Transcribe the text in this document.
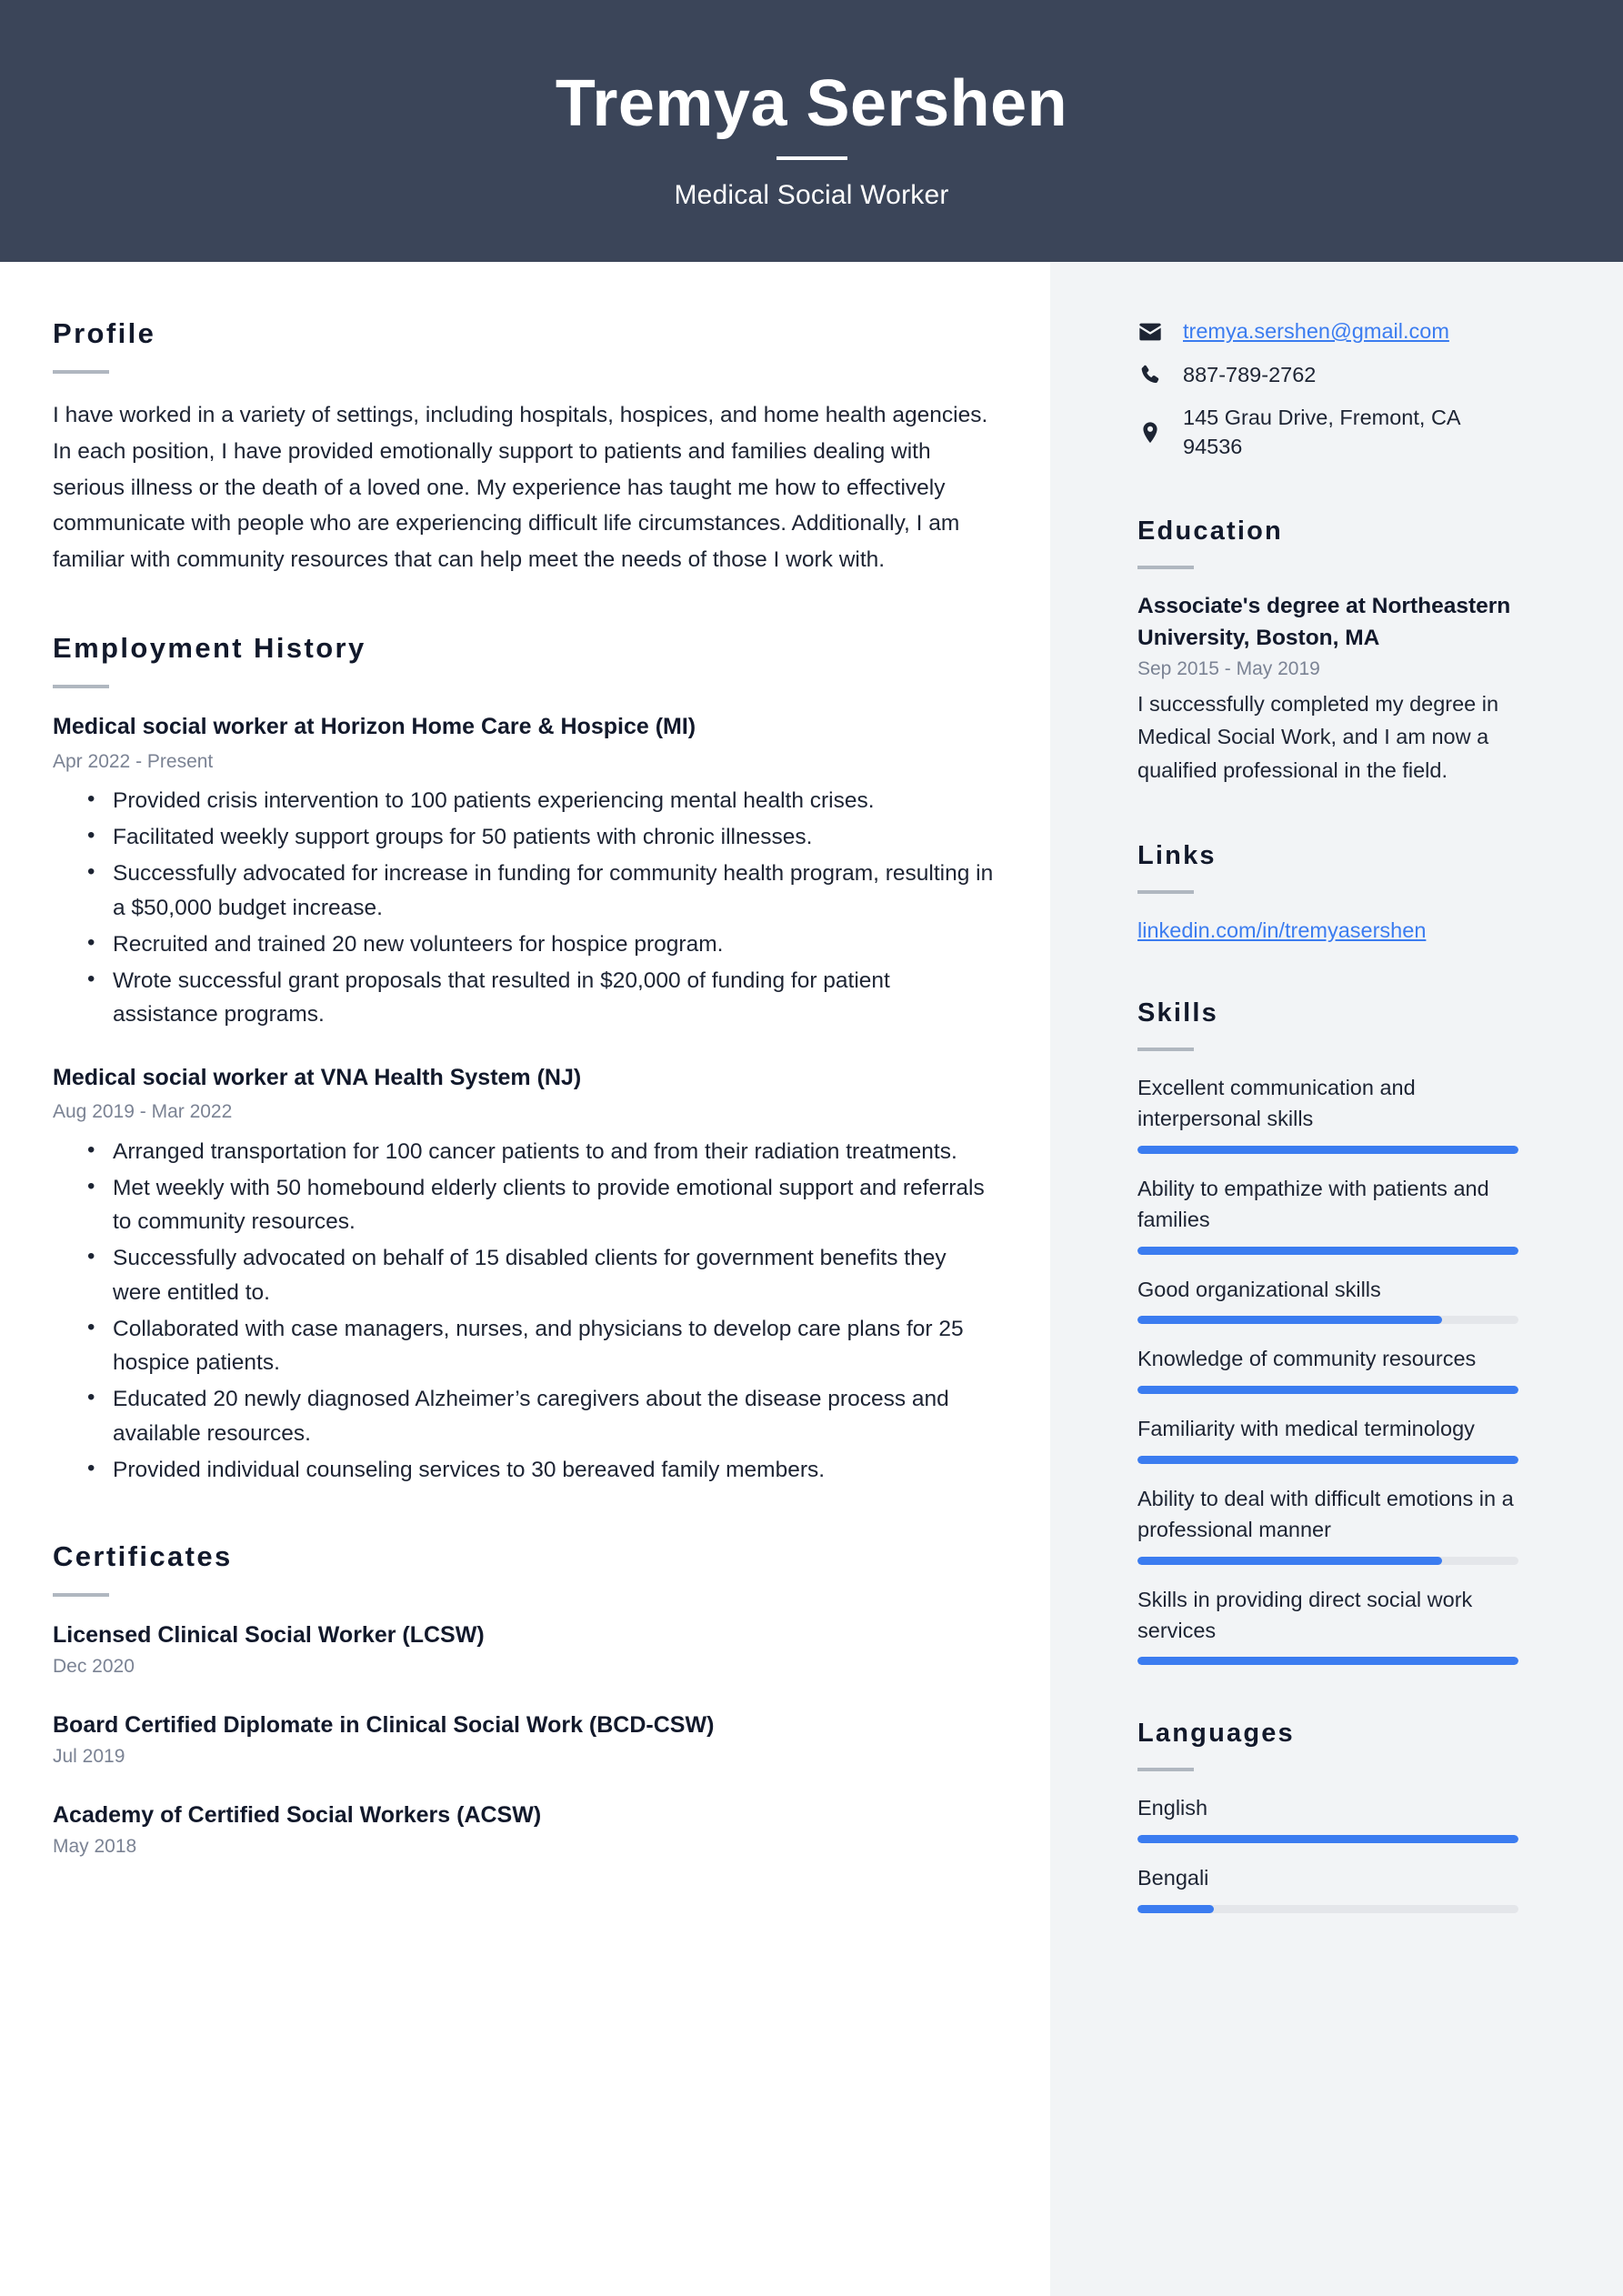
Tremya Sershen
Medical Social Worker
Profile
I have worked in a variety of settings, including hospitals, hospices, and home health agencies. In each position, I have provided emotionally support to patients and families dealing with serious illness or the death of a loved one. My experience has taught me how to effectively communicate with people who are experiencing difficult life circumstances. Additionally, I am familiar with community resources that can help meet the needs of those I work with.
Employment History
Medical social worker at Horizon Home Care & Hospice (MI)
Apr 2022 - Present
• Provided crisis intervention to 100 patients experiencing mental health crises.
• Facilitated weekly support groups for 50 patients with chronic illnesses.
• Successfully advocated for increase in funding for community health program, resulting in a $50,000 budget increase.
• Recruited and trained 20 new volunteers for hospice program.
• Wrote successful grant proposals that resulted in $20,000 of funding for patient assistance programs.
Medical social worker at VNA Health System (NJ)
Aug 2019 - Mar 2022
• Arranged transportation for 100 cancer patients to and from their radiation treatments.
• Met weekly with 50 homebound elderly clients to provide emotional support and referrals to community resources.
• Successfully advocated on behalf of 15 disabled clients for government benefits they were entitled to.
• Collaborated with case managers, nurses, and physicians to develop care plans for 25 hospice patients.
• Educated 20 newly diagnosed Alzheimer’s caregivers about the disease process and available resources.
• Provided individual counseling services to 30 bereaved family members.
Certificates
Licensed Clinical Social Worker (LCSW)
Dec 2020
Board Certified Diplomate in Clinical Social Work (BCD-CSW)
Jul 2019
Academy of Certified Social Workers (ACSW)
May 2018
tremya.sershen@gmail.com
887-789-2762
145 Grau Drive, Fremont, CA 94536
Education
Associate's degree at Northeastern University, Boston, MA
Sep 2015 - May 2019
I successfully completed my degree in Medical Social Work, and I am now a qualified professional in the field.
Links
linkedin.com/in/tremyasershen
Skills
Excellent communication and interpersonal skills
Ability to empathize with patients and families
Good organizational skills
Knowledge of community resources
Familiarity with medical terminology
Ability to deal with difficult emotions in a professional manner
Skills in providing direct social work services
Languages
English
Bengali
